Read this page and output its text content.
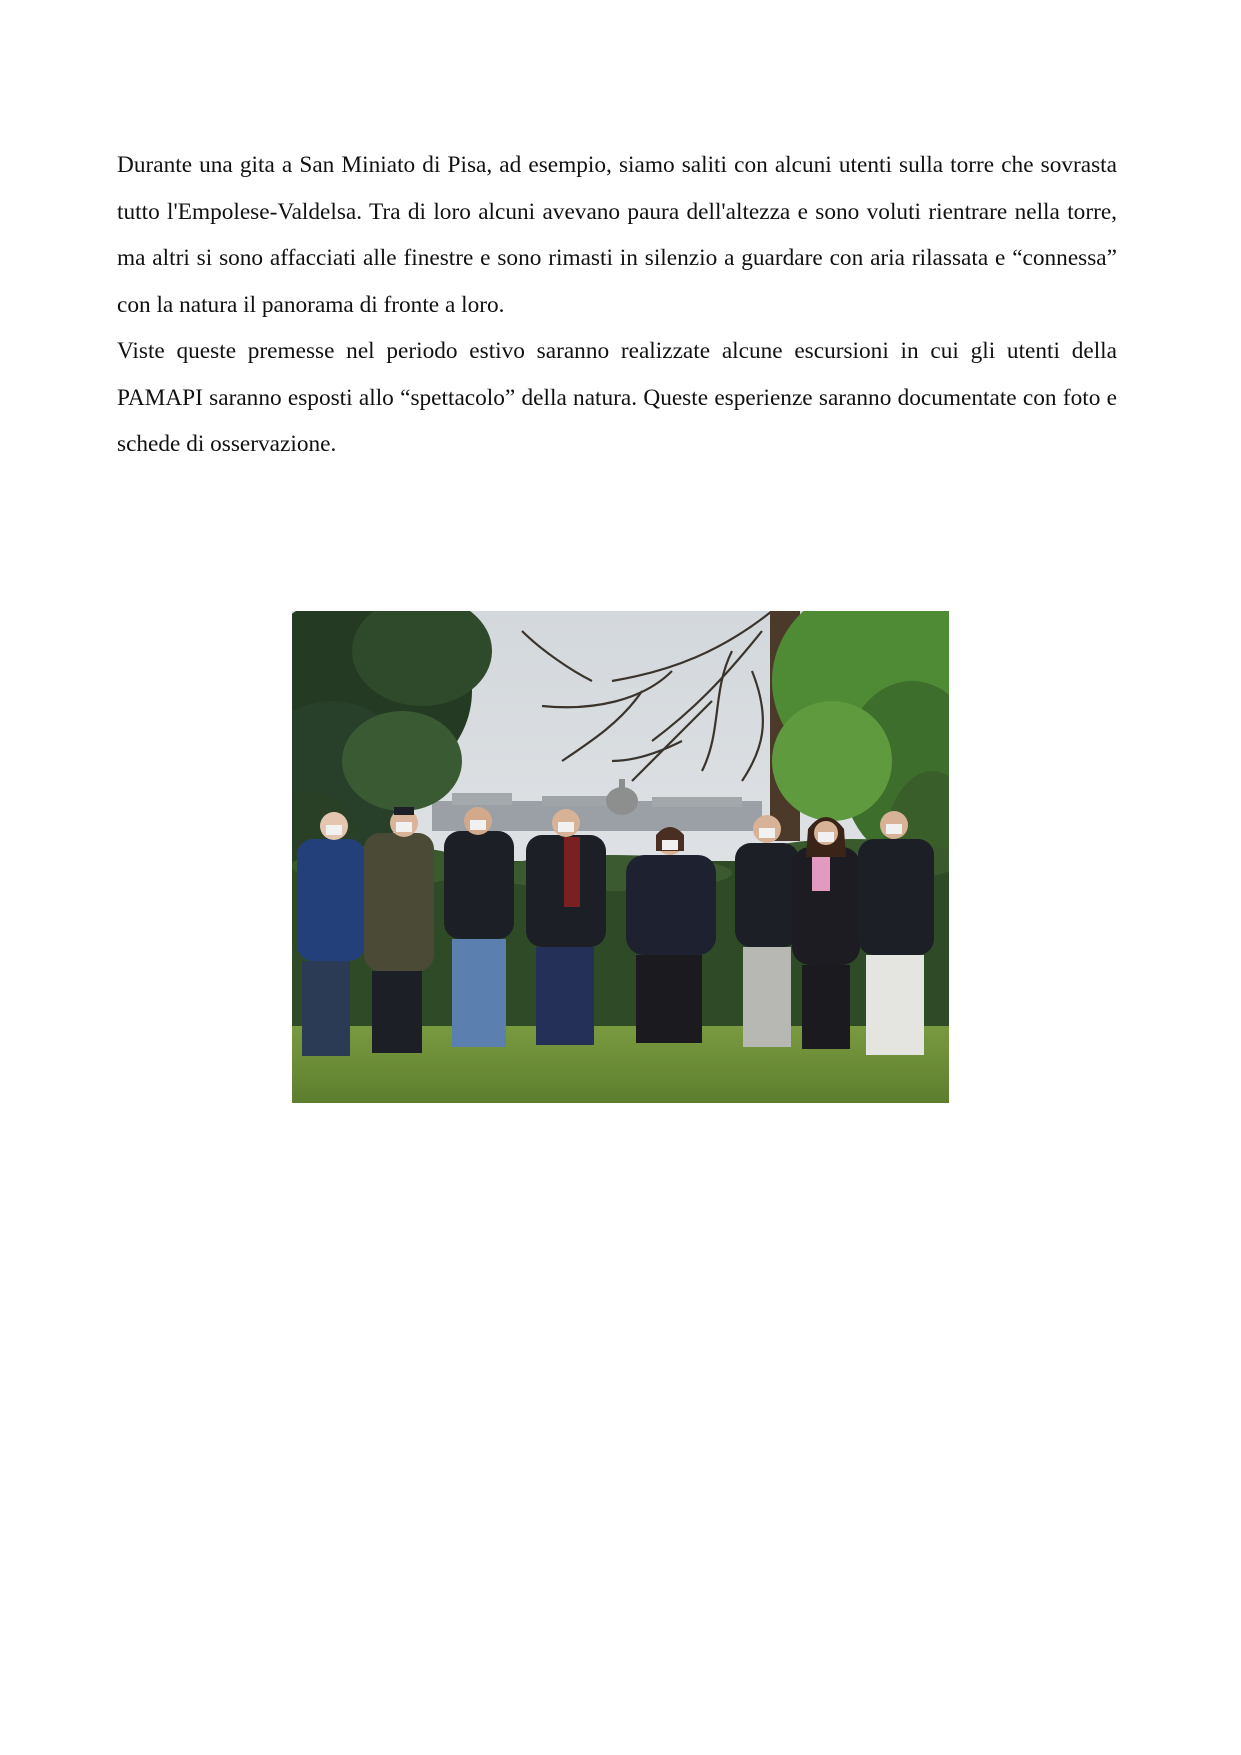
Durante una gita a San Miniato di Pisa, ad esempio, siamo saliti con alcuni utenti sulla torre che sovrasta tutto l'Empolese-Valdelsa. Tra di loro alcuni avevano paura dell'altezza e sono voluti rientrare nella torre, ma altri si sono affacciati alle finestre e sono rimasti in silenzio a guardare con aria rilassata e “connessa” con la natura il panorama di fronte a loro.

Viste queste premesse nel periodo estivo saranno realizzate alcune escursioni in cui gli utenti della PAMAPI saranno esposti allo “spettacolo” della natura. Queste esperienze saranno documentate con foto e schede di osservazione.
